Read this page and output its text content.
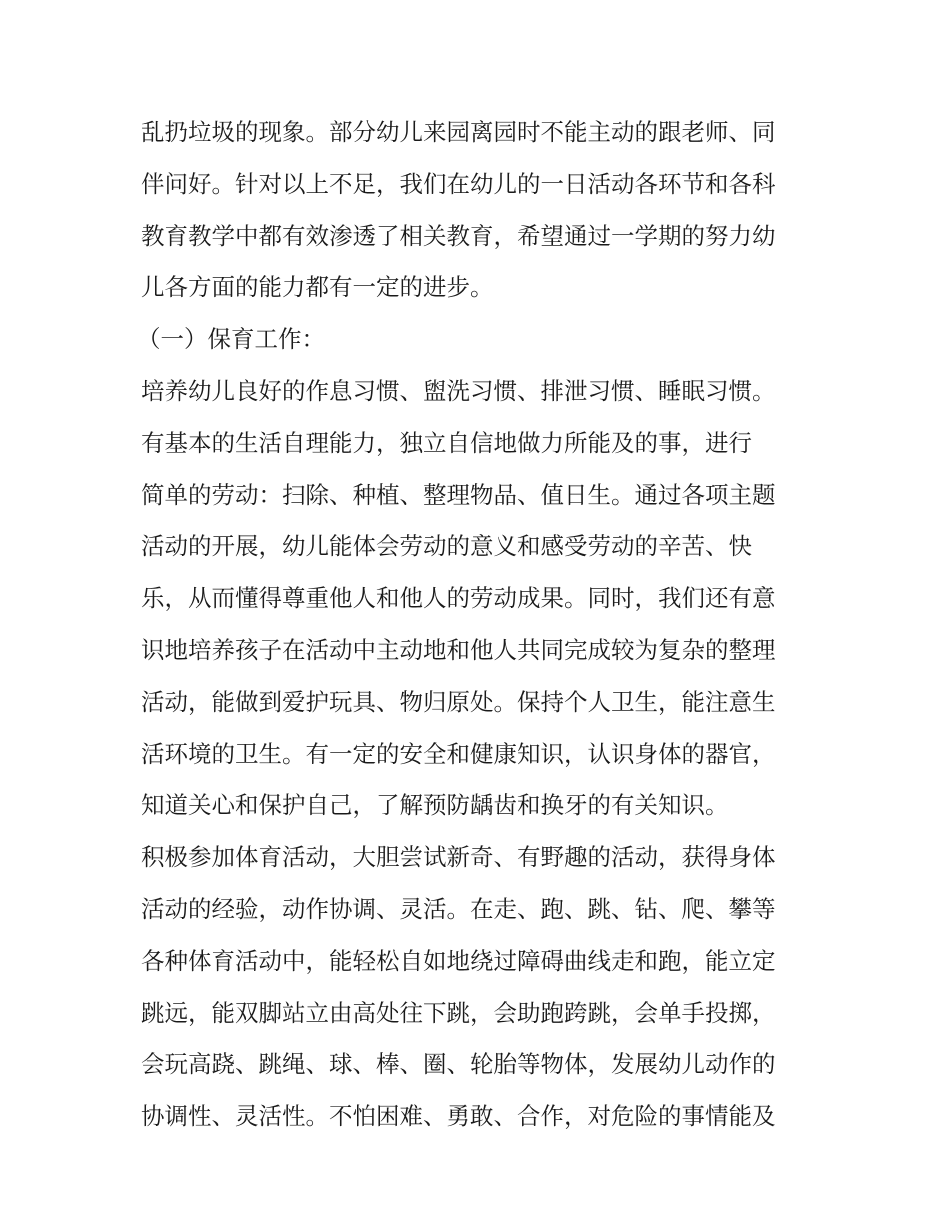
乱扔垃圾的现象。部分幼儿来园离园时不能主动的跟老师、同
伴问好。针对以上不足，我们在幼儿的一日活动各环节和各科
教育教学中都有效渗透了相关教育，希望通过一学期的努力幼
儿各方面的能力都有一定的进步。
（一）保育工作：
培养幼儿良好的作息习惯、盥洗习惯、排泄习惯、睡眠习惯。
有基本的生活自理能力，独立自信地做力所能及的事，进行
简单的劳动：扫除、种植、整理物品、值日生。通过各项主题
活动的开展，幼儿能体会劳动的意义和感受劳动的辛苦、快
乐，从而懂得尊重他人和他人的劳动成果。同时，我们还有意
识地培养孩子在活动中主动地和他人共同完成较为复杂的整理
活动，能做到爱护玩具、物归原处。保持个人卫生，能注意生
活环境的卫生。有一定的安全和健康知识，认识身体的器官，
知道关心和保护自己，了解预防龋齿和换牙的有关知识。
积极参加体育活动，大胆尝试新奇、有野趣的活动，获得身体
活动的经验，动作协调、灵活。在走、跑、跳、钻、爬、攀等
各种体育活动中，能轻松自如地绕过障碍曲线走和跑，能立定
跳远，能双脚站立由高处往下跳，会助跑跨跳，会单手投掷，
会玩高跷、跳绳、球、棒、圈、轮胎等物体，发展幼儿动作的
协调性、灵活性。不怕困难、勇敢、合作，对危险的事情能及
